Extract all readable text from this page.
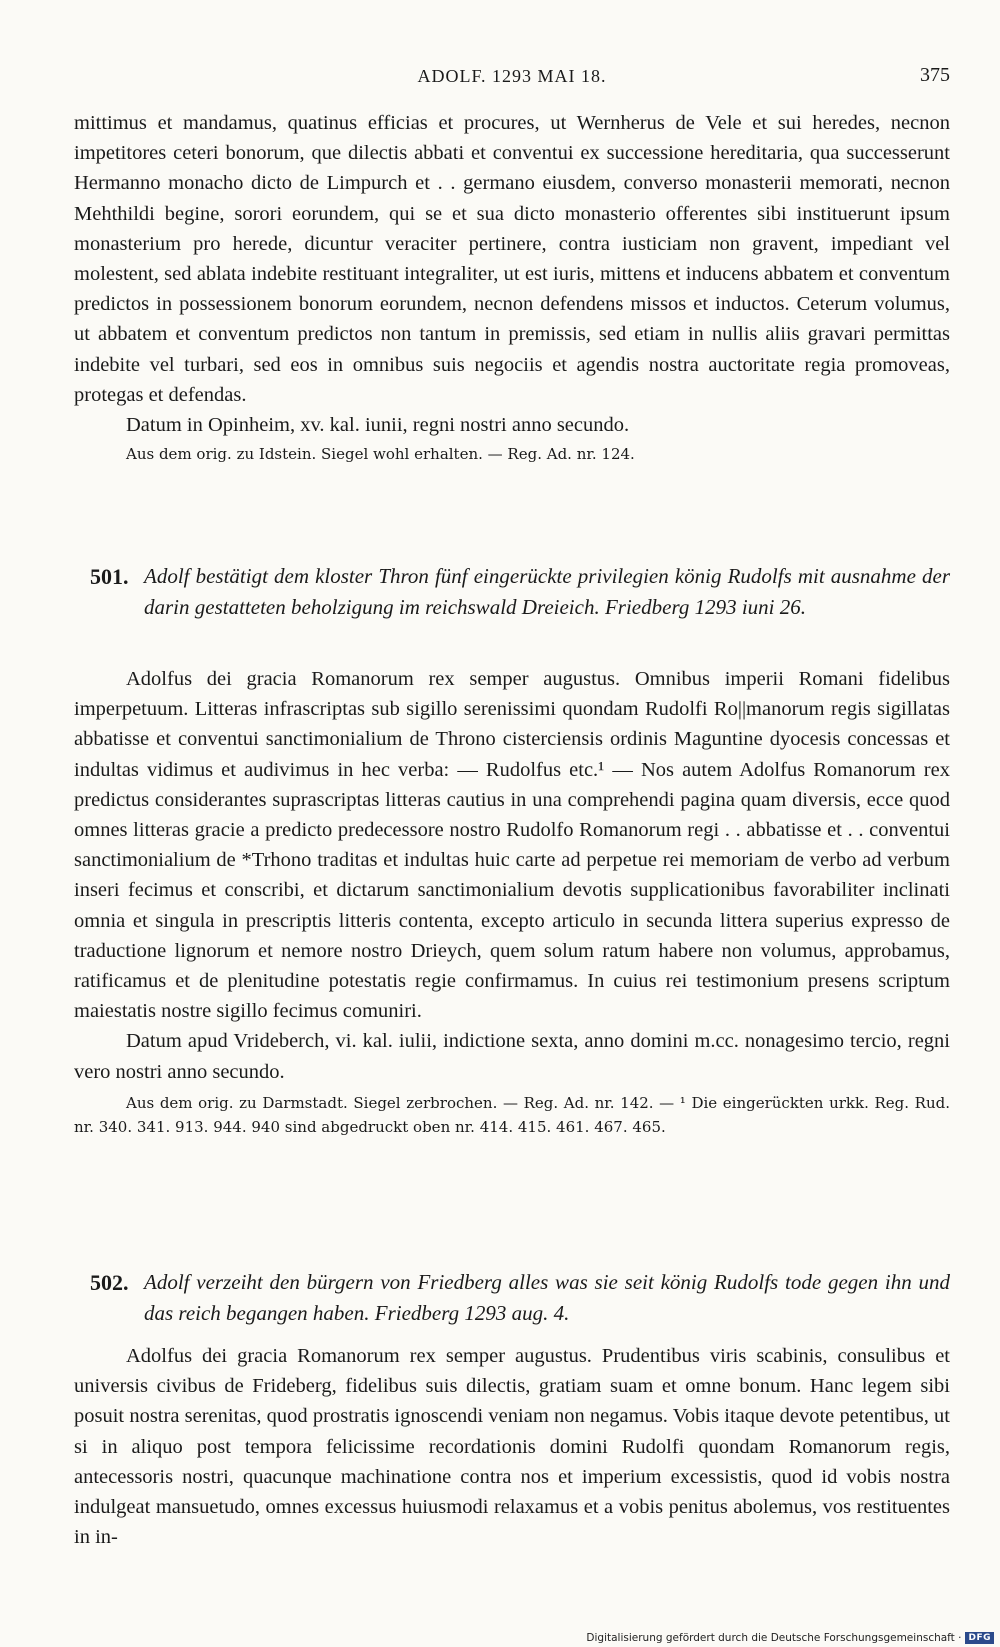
ADOLF. 1293 MAI 18.	375

mittimus et mandamus, quatinus efficias et procures, ut Wernherus de Vele et sui heredes, necnon impetitores ceteri bonorum, que dilectis abbati et conventui ex successione hereditaria, qua successerunt Hermanno monacho dicto de Limpurch et . . germano eiusdem, converso monasterii memorati, necnon Mehthildi begine, sorori eorundem, qui se et sua dicto monasterio offerentes sibi instituerunt ipsum monasterium pro herede, dicuntur veraciter pertinere, contra iusticiam non gravent, impediant vel molestent, sed ablata indebite restituant integraliter, ut est iuris, mittens et inducens abbatem et conventum predictos in possessionem bonorum eorundem, necnon defendens missos et inductos. Ceterum volumus, ut abbatem et conventum predictos non tantum in premissis, sed etiam in nullis aliis gravari permittas indebite vel turbari, sed eos in omnibus suis negociis et agendis nostra auctoritate regia promoveas, protegas et defendas.

Datum in Opinheim, xv. kal. iunii, regni nostri anno secundo.

Aus dem orig. zu Idstein. Siegel wohl erhalten. — Reg. Ad. nr. 124.

501. Adolf bestätigt dem kloster Thron fünf eingerückte privilegien könig Rudolfs mit ausnahme der darin gestatteten beholzigung im reichswald Dreieich. Friedberg 1293 iuni 26.

Adolfus dei gracia Romanorum rex semper augustus. Omnibus imperii Romani fidelibus imperpetuum. Litteras infrascriptas sub sigillo serenissimi quondam Rudolfi Ro||manorum regis sigillatas abbatisse et conventui sanctimonialium de Throno cisterciensis ordinis Maguntine dyocesis concessas et indultas vidimus et audivimus in hec verba: — Rudolfus etc.¹ — Nos autem Adolfus Romanorum rex predictus considerantes suprascriptas litteras cautius in una comprehendi pagina quam diversis, ecce quod omnes litteras gracie a predicto predecessore nostro Rudolfo Romanorum regi . . abbatisse et . . conventui sanctimonialium de *Trhono traditas et indultas huic carte ad perpetue rei memoriam de verbo ad verbum inseri fecimus et conscribi, et dictarum sanctimonialium devotis supplicationibus favorabiliter inclinati omnia et singula in prescriptis litteris contenta, excepto articulo in secunda littera superius expresso de traductione lignorum et nemore nostro Drieych, quem solum ratum habere non volumus, approbamus, ratificamus et de plenitudine potestatis regie confirmamus. In cuius rei testimonium presens scriptum maiestatis nostre sigillo fecimus comuniri.

Datum apud Vrideberch, vi. kal. iulii, indictione sexta, anno domini m.cc. nonagesimo tercio, regni vero nostri anno secundo.

Aus dem orig. zu Darmstadt. Siegel zerbrochen. — Reg. Ad. nr. 142. — ¹ Die eingerückten urkk. Reg. Rud. nr. 340. 341. 913. 944. 940 sind abgedruckt oben nr. 414. 415. 461. 467. 465.

502. Adolf verzeiht den bürgern von Friedberg alles was sie seit könig Rudolfs tode gegen ihn und das reich begangen haben. Friedberg 1293 aug. 4.

Adolfus dei gracia Romanorum rex semper augustus. Prudentibus viris scabinis, consulibus et universis civibus de Frideberg, fidelibus suis dilectis, gratiam suam et omne bonum. Hanc legem sibi posuit nostra serenitas, quod prostratis ignoscendi veniam non negamus. Vobis itaque devote petentibus, ut si in aliquo post tempora felicissime recordationis domini Rudolfi quondam Romanorum regis, antecessoris nostri, quacunque machinatione contra nos et imperium excessistis, quod id vobis nostra indulgeat mansuetudo, omnes excessus huiusmodi relaxamus et a vobis penitus abolemus, vos restituentes in in-

Digitalisierung gefördert durch die Deutsche Forschungsgemeinschaft · DFG
